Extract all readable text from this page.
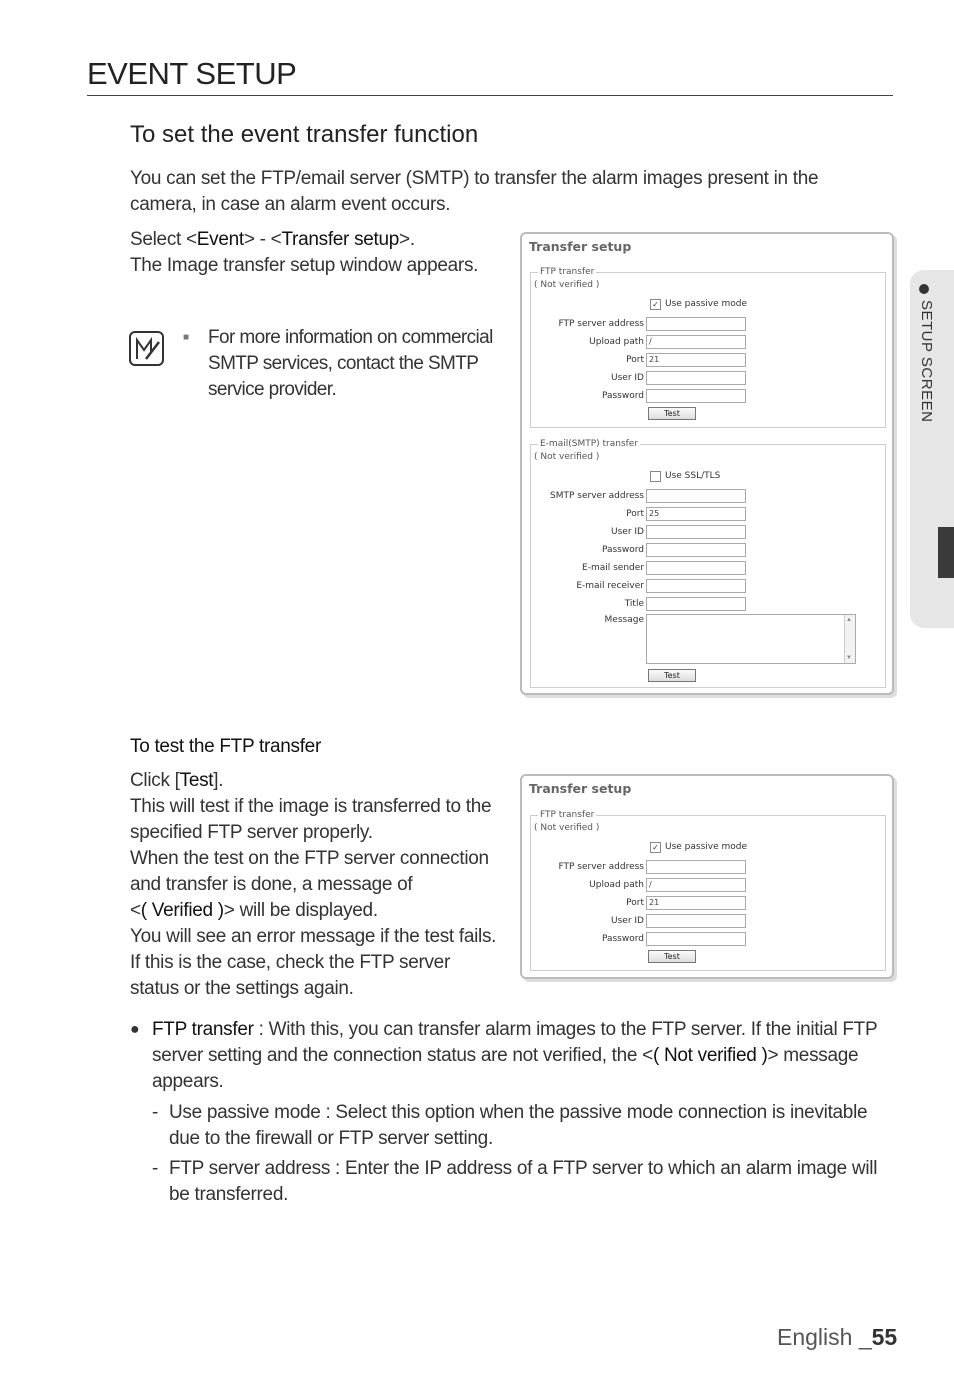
EVENT SETUP
To set the event transfer function
You can set the FTP/email server (SMTP) to transfer the alarm images present in the camera, in case an alarm event occurs.
Select <Event> - <Transfer setup>.
The Image transfer setup window appears.
■ For more information on commercial SMTP services, contact the SMTP service provider.
Transfer setup
FTP transfer
( Not verified )
✓ Use passive mode
FTP server address
Upload path /
Port 21
User ID
Password
Test
E-mail(SMTP) transfer
( Not verified )
Use SSL/TLS
SMTP server address
Port 25
User ID
Password
E-mail sender
E-mail receiver
Title
Message	▲
▼
Test
To test the FTP transfer
Click [Test].
This will test if the image is transferred to the specified FTP server properly.
When the test on the FTP server connection and transfer is done, a message of
<( Verified )> will be displayed.
You will see an error message if the test fails. If this is the case, check the FTP server status or the settings again.
Transfer setup
FTP transfer
( Not verified )
✓ Use passive mode
FTP server address
Upload path /
Port 21
User ID
Password
Test
● FTP transfer : With this, you can transfer alarm images to the FTP server. If the initial FTP server setting and the connection status are not verified, the <( Not verified )> message appears.
- Use passive mode : Select this option when the passive mode connection is inevitable due to the firewall or FTP server setting.
- FTP server address : Enter the IP address of a FTP server to which an alarm image will be transferred.
SETUP SCREEN
English _55
